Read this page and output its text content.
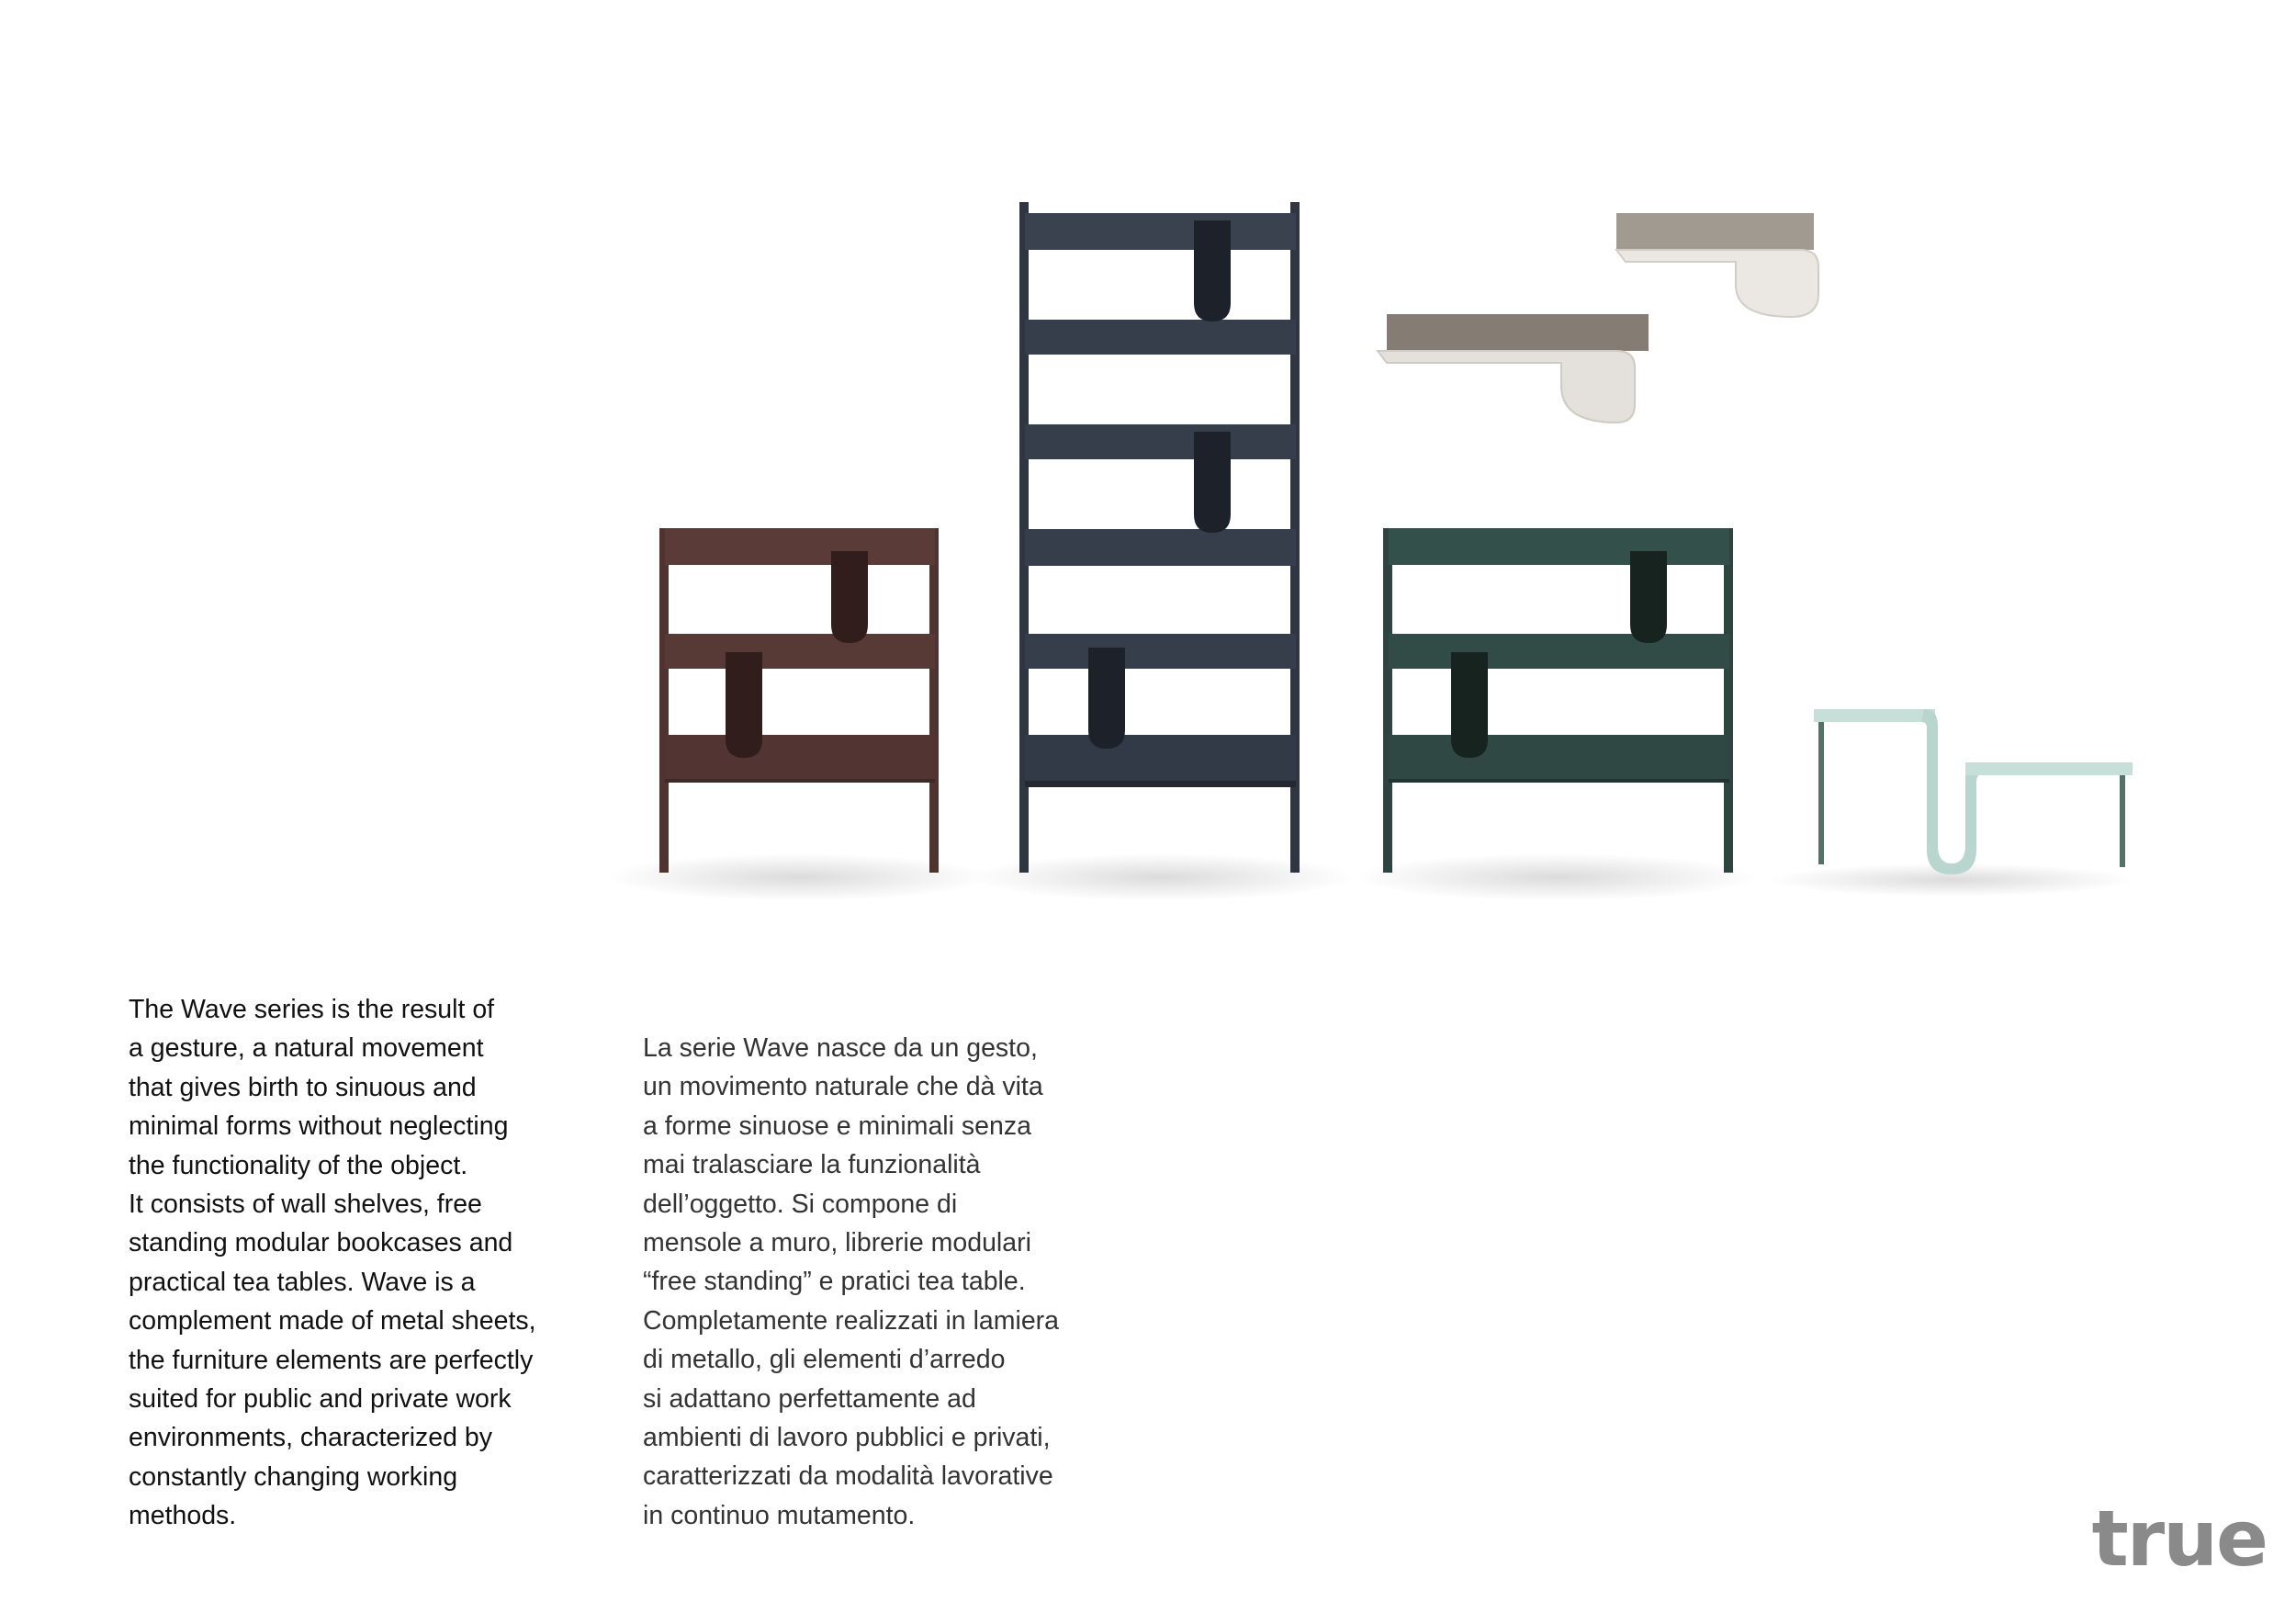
The Wave series is the result of
a gesture, a natural movement
that gives birth to sinuous and
minimal forms without neglecting
the functionality of the object.
It consists of wall shelves, free
standing modular bookcases and
practical tea tables. Wave is a
complement made of metal sheets,
the furniture elements are perfectly
suited for public and private work
environments, characterized by
constantly changing working
methods.
La serie Wave nasce da un gesto,
un movimento naturale che dà vita
a forme sinuose e minimali senza
mai tralasciare la funzionalità
dell’oggetto. Si compone di
mensole a muro, librerie modulari
“free standing” e pratici tea table.
Completamente realizzati in lamiera
di metallo, gli elementi d’arredo
si adattano perfettamente ad
ambienti di lavoro pubblici e privati,
caratterizzati da modalità lavorative
in continuo mutamento.	true
